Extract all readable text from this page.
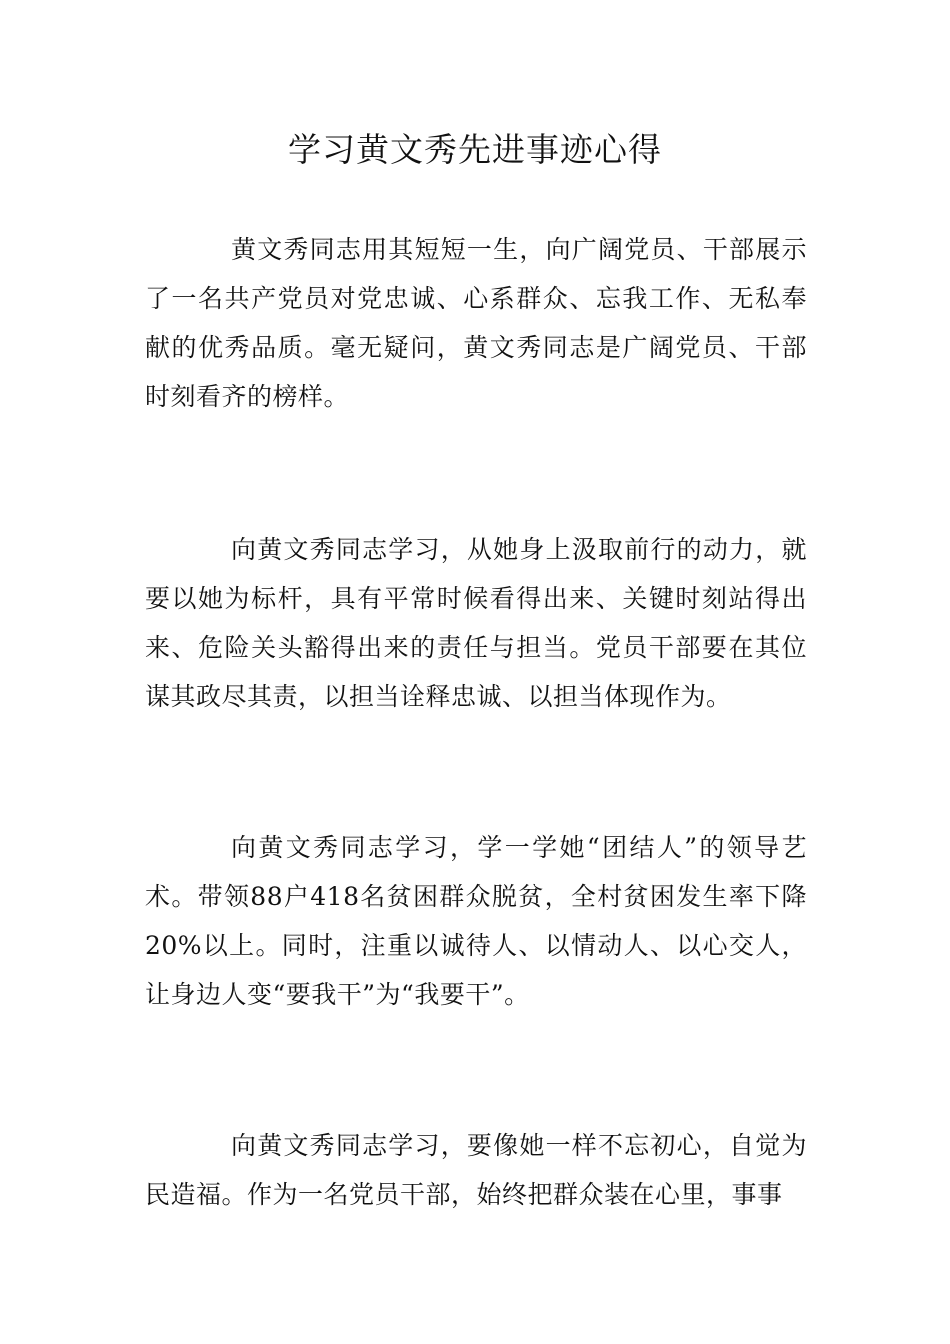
学习黄文秀先进事迹心得

黄文秀同志用其短短一生，向广阔党员、干部展示了一名共产党员对党忠诚、心系群众、忘我工作、无私奉献的优秀品质。毫无疑问，黄文秀同志是广阔党员、干部时刻看齐的榜样。

向黄文秀同志学习，从她身上汲取前行的动力，就要以她为标杆，具有平常时候看得出来、关键时刻站得出来、危险关头豁得出来的责任与担当。党员干部要在其位谋其政尽其责，以担当诠释忠诚、以担当体现作为。

向黄文秀同志学习，学一学她“团结人”的领导艺术。带领88户418名贫困群众脱贫，全村贫困发生率下降20%以上。同时，注重以诚待人、以情动人、以心交人，让身边人变“要我干”为“我要干”。

向黄文秀同志学习，要像她一样不忘初心，自觉为民造福。作为一名党员干部，始终把群众装在心里，事事
